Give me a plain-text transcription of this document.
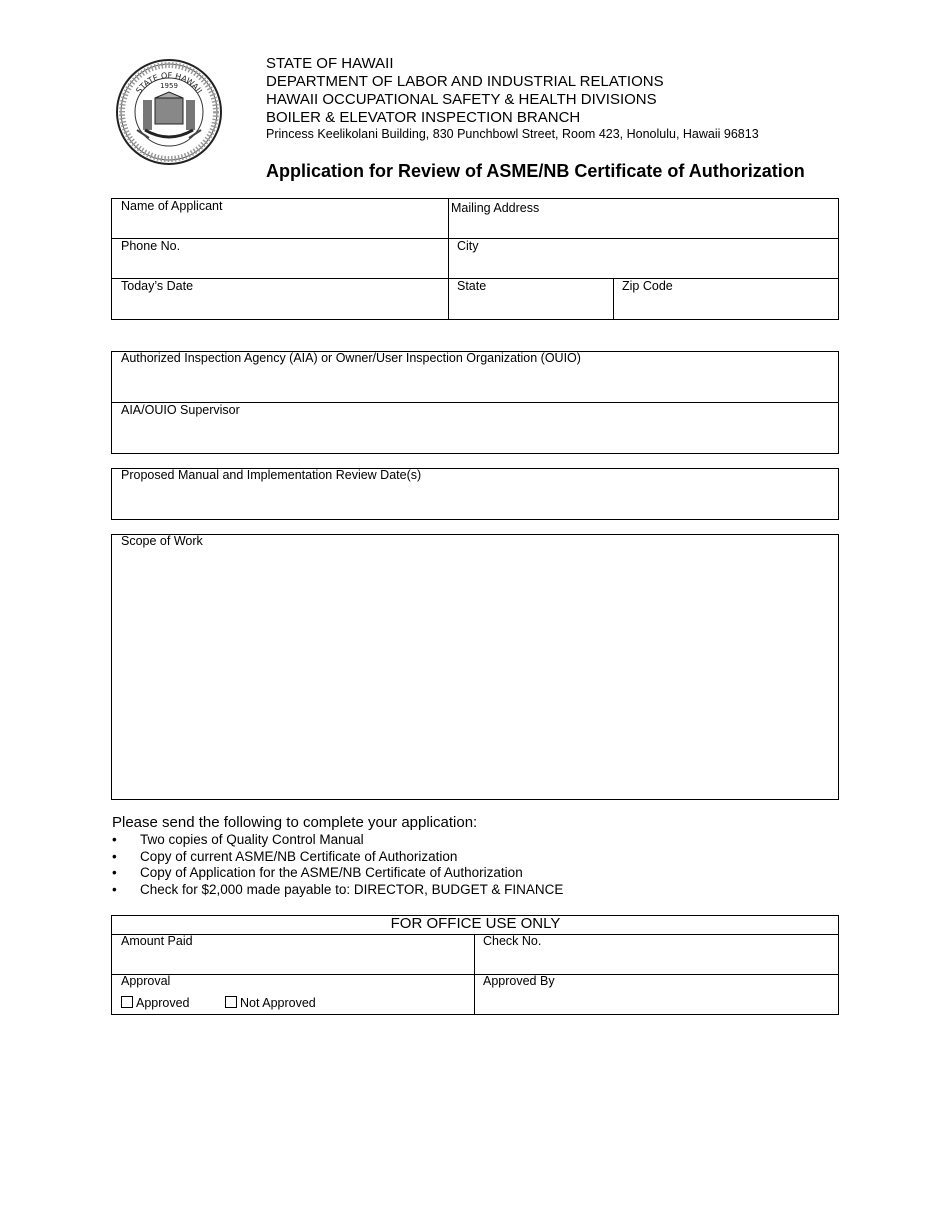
STATE OF HAWAII
1959
STATE OF HAWAII
DEPARTMENT OF LABOR AND INDUSTRIAL RELATIONS
HAWAII OCCUPATIONAL SAFETY & HEALTH DIVISIONS
BOILER & ELEVATOR INSPECTION BRANCH
Princess Keelikolani Building, 830 Punchbowl Street, Room 423, Honolulu, Hawaii 96813
Application for Review of ASME/NB Certificate of Authorization
Name of Applicant	Mailing Address
Phone No.	City
Today’s Date	State	Zip Code
Authorized Inspection Agency (AIA) or Owner/User Inspection Organization (OUIO)
AIA/OUIO Supervisor
Proposed Manual and Implementation Review Date(s)
Scope of Work
Please send the following to complete your application:
• Two copies of Quality Control Manual
• Copy of current ASME/NB Certificate of Authorization
• Copy of Application for the ASME/NB Certificate of Authorization
• Check for $2,000 made payable to: DIRECTOR, BUDGET & FINANCE
FOR OFFICE USE ONLY
Amount Paid	Check No.
Approval	Approved By
Approved	Not Approved
